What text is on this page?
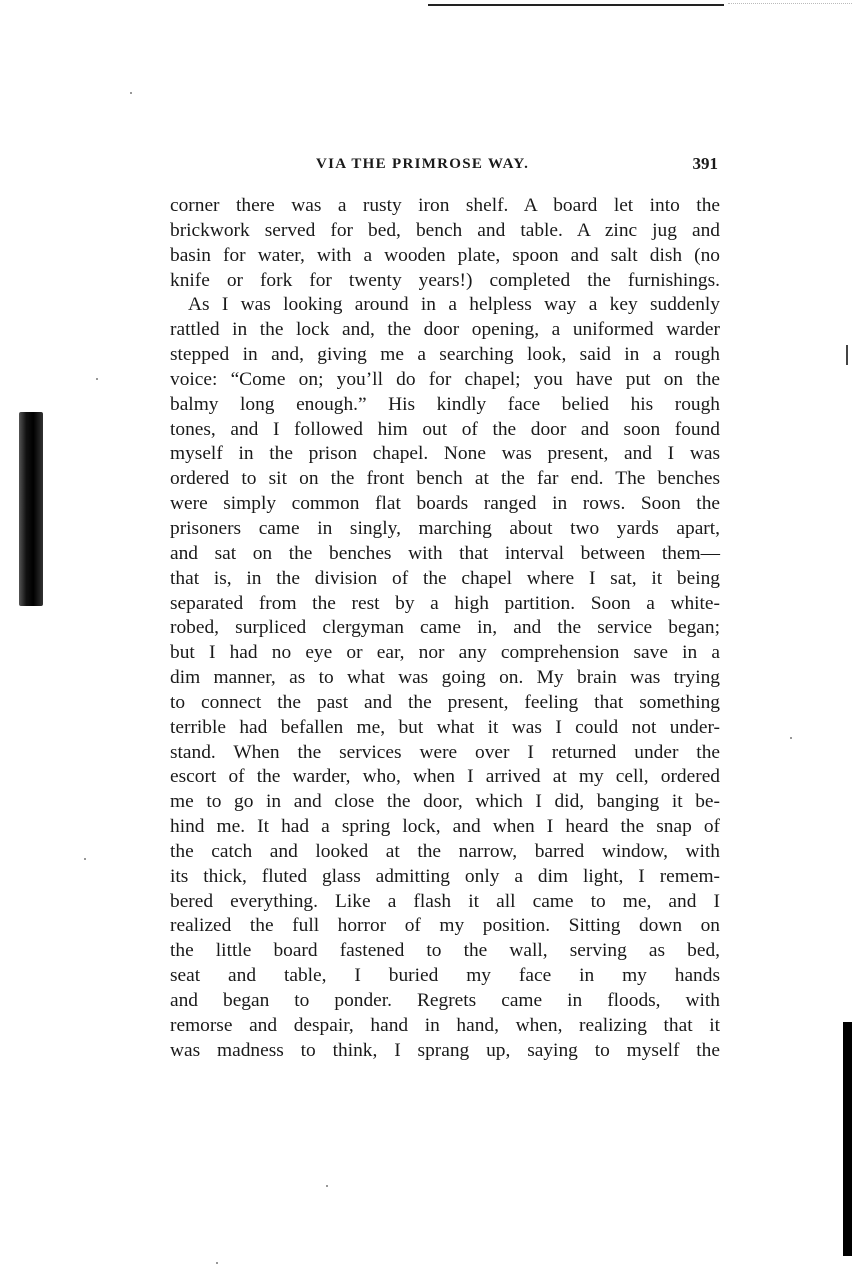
VIA THE PRIMROSE WAY.	391
corner there was a rusty iron shelf. A board let into the
brickwork served for bed, bench and table. A zinc jug and
basin for water, with a wooden plate, spoon and salt dish (no
knife or fork for twenty years!) completed the furnishings.
As I was looking around in a helpless way a key suddenly
rattled in the lock and, the door opening, a uniformed warder
stepped in and, giving me a searching look, said in a rough
voice: “Come on; you’ll do for chapel; you have put on the
balmy long enough.” His kindly face belied his rough
tones, and I followed him out of the door and soon found
myself in the prison chapel. None was present, and I was
ordered to sit on the front bench at the far end. The benches
were simply common flat boards ranged in rows. Soon the
prisoners came in singly, marching about two yards apart,
and sat on the benches with that interval between them—
that is, in the division of the chapel where I sat, it being
separated from the rest by a high partition. Soon a white-
robed, surpliced clergyman came in, and the service began;
but I had no eye or ear, nor any comprehension save in a
dim manner, as to what was going on. My brain was trying
to connect the past and the present, feeling that something
terrible had befallen me, but what it was I could not under-
stand. When the services were over I returned under the
escort of the warder, who, when I arrived at my cell, ordered
me to go in and close the door, which I did, banging it be-
hind me. It had a spring lock, and when I heard the snap of
the catch and looked at the narrow, barred window, with
its thick, fluted glass admitting only a dim light, I remem-
bered everything. Like a flash it all came to me, and I
realized the full horror of my position. Sitting down on
the little board fastened to the wall, serving as bed,
seat and table, I buried my face in my hands
and began to ponder. Regrets came in floods, with
remorse and despair, hand in hand, when, realizing that it
was madness to think, I sprang up, saying to myself the
